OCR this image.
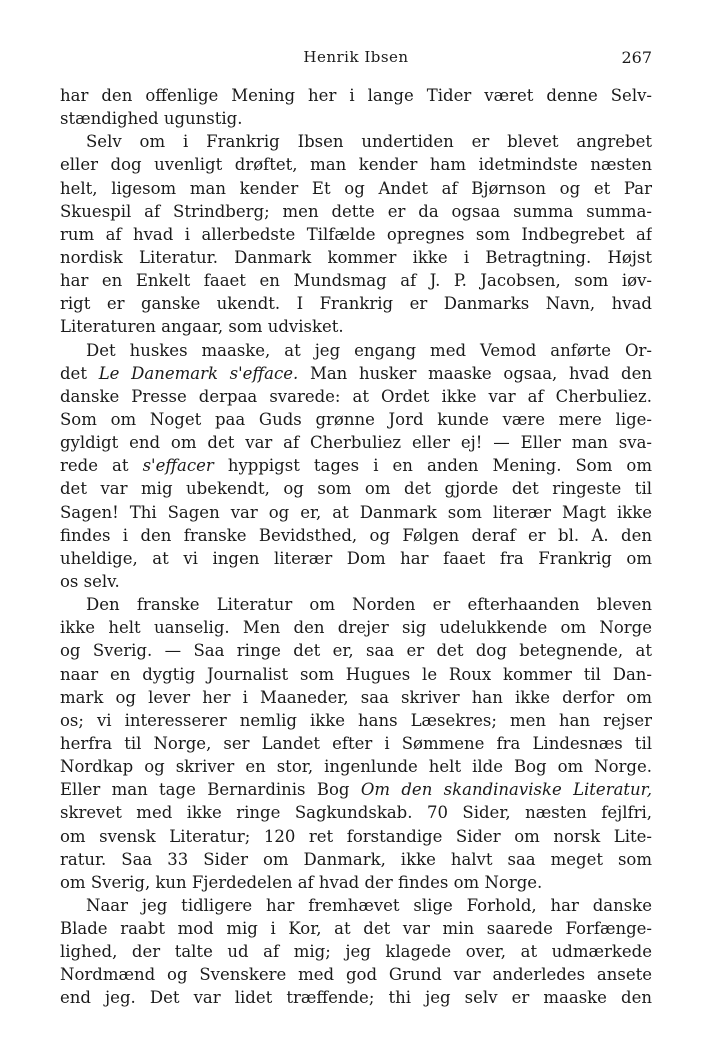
Henrik Ibsen	267
har den offenlige Mening her i lange Tider været denne Selv-
stændighed ugunstig.
Selv om i Frankrig Ibsen undertiden er blevet angrebet
eller dog uvenligt drøftet, man kender ham idetmindste næsten
helt, ligesom man kender Et og Andet af Bjørnson og et Par
Skuespil af Strindberg; men dette er da ogsaa summa summa-
rum af hvad i allerbedste Tilfælde opregnes som Indbegrebet af
nordisk Literatur. Danmark kommer ikke i Betragtning. Højst
har en Enkelt faaet en Mundsmag af J. P. Jacobsen, som iøv-
rigt er ganske ukendt. I Frankrig er Danmarks Navn, hvad
Literaturen angaar, som udvisket.
Det huskes maaske, at jeg engang med Vemod anførte Or-
det Le Danemark s'efface. Man husker maaske ogsaa, hvad den
danske Presse derpaa svarede: at Ordet ikke var af Cherbuliez.
Som om Noget paa Guds grønne Jord kunde være mere lige-
gyldigt end om det var af Cherbuliez eller ej! — Eller man sva-
rede at s'effacer hyppigst tages i en anden Mening. Som om
det var mig ubekendt, og som om det gjorde det ringeste til
Sagen! Thi Sagen var og er, at Danmark som literær Magt ikke
findes i den franske Bevidsthed, og Følgen deraf er bl. A. den
uheldige, at vi ingen literær Dom har faaet fra Frankrig om
os selv.
Den franske Literatur om Norden er efterhaanden bleven
ikke helt uanselig. Men den drejer sig udelukkende om Norge
og Sverig. — Saa ringe det er, saa er det dog betegnende, at
naar en dygtig Journalist som Hugues le Roux kommer til Dan-
mark og lever her i Maaneder, saa skriver han ikke derfor om
os; vi interesserer nemlig ikke hans Læsekres; men han rejser
herfra til Norge, ser Landet efter i Sømmene fra Lindesnæs til
Nordkap og skriver en stor, ingenlunde helt ilde Bog om Norge.
Eller man tage Bernardinis Bog Om den skandinaviske Literatur,
skrevet med ikke ringe Sagkundskab. 70 Sider, næsten fejlfri,
om svensk Literatur; 120 ret forstandige Sider om norsk Lite-
ratur. Saa 33 Sider om Danmark, ikke halvt saa meget som
om Sverig, kun Fjerdedelen af hvad der findes om Norge.
Naar jeg tidligere har fremhævet slige Forhold, har danske
Blade raabt mod mig i Kor, at det var min saarede Forfænge-
lighed, der talte ud af mig; jeg klagede over, at udmærkede
Nordmænd og Svenskere med god Grund var anderledes ansete
end jeg. Det var lidet træffende; thi jeg selv er maaske den
